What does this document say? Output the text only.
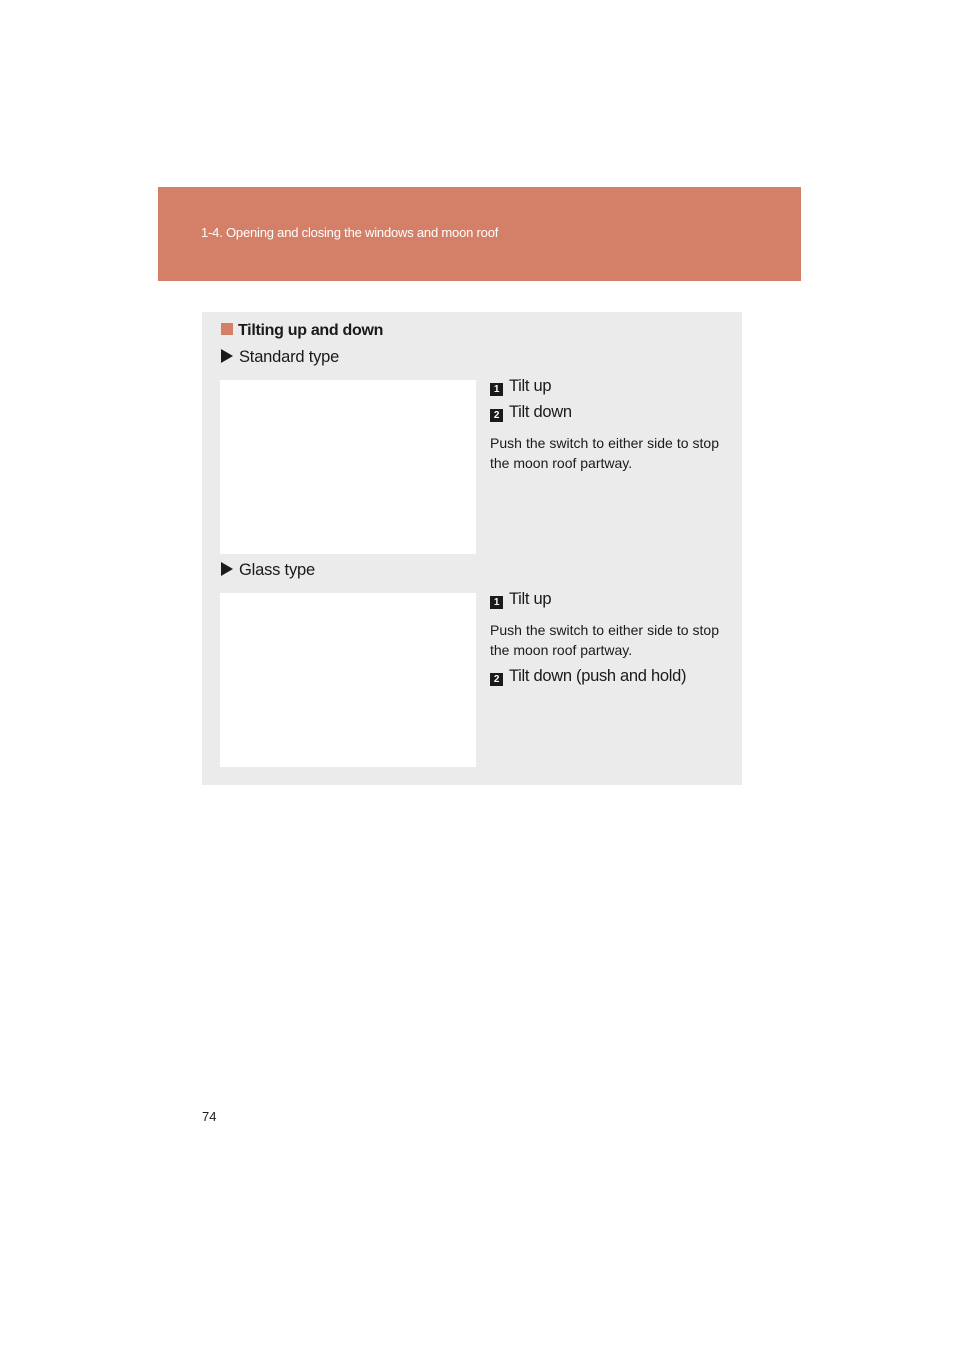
1-4. Opening and closing the windows and moon roof
Tilting up and down
Standard type
1 Tilt up
2 Tilt down
Push the switch to either side to stop the moon roof partway.
Glass type
1 Tilt up
Push the switch to either side to stop the moon roof partway.
2 Tilt down (push and hold)
74
